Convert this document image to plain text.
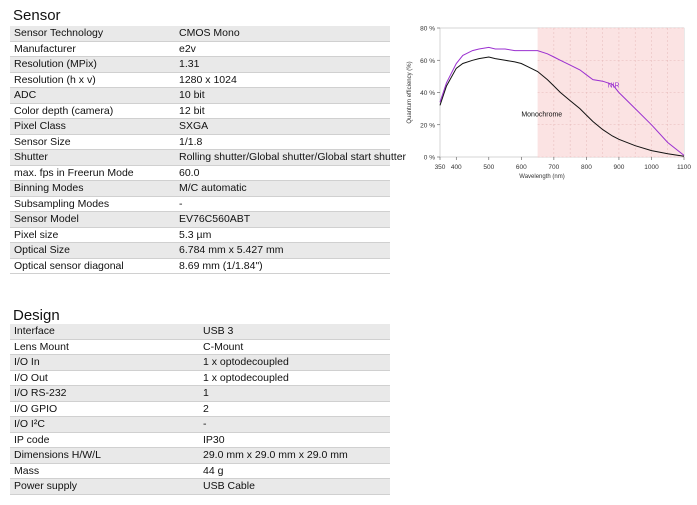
Sensor
Sensor Technology	CMOS Mono
Manufacturer	e2v
Resolution (MPix)	1.31
Resolution (h x v)	1280 x 1024
ADC	10 bit
Color depth (camera)	12 bit
Pixel Class	SXGA
Sensor Size	1/1.8
Shutter	Rolling shutter/Global shutter/Global start shutter
max. fps in Freerun Mode	60.0
Binning Modes	M/C automatic
Subsampling Modes	-
Sensor Model	EV76C560ABT
Pixel size	5.3 µm
Optical Size	6.784 mm x 5.427 mm
Optical sensor diagonal	8.69 mm (1/1.84")
Design
Interface	USB 3
Lens Mount	C-Mount
I/O In	1 x optodecoupled
I/O Out	1 x optodecoupled
I/O RS-232	1
I/O GPIO	2
I/O I²C	-
IP code	IP30
Dimensions H/W/L	29.0 mm x 29.0 mm x 29.0 mm
Mass	44 g
Power supply	USB Cable
0 %
20 %
40 %
60 %
80 %
350 400	500	600	700	800	900	1000	1100
Wavelength (nm)
Quantum efficiency (%)	NIR
Monochrome
